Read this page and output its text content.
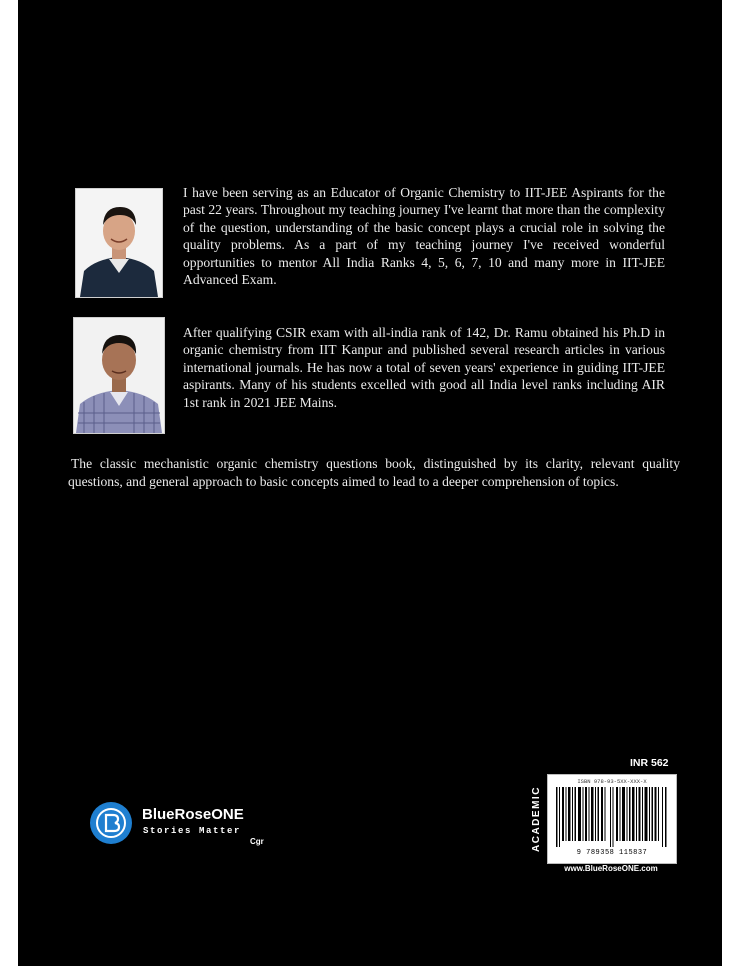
I have been serving as an Educator of Organic Chemistry to IIT-JEE Aspirants for the past 22 years. Throughout my teaching journey I've learnt that more than the complexity of the question, understanding of the basic concept plays a crucial role in solving the quality problems. As a part of my teaching journey I've received wonderful opportunities to mentor All India Ranks 4, 5, 6, 7, 10 and many more in IIT-JEE Advanced Exam.

After qualifying CSIR exam with all-india rank of 142, Dr. Ramu obtained his Ph.D in organic chemistry from IIT Kanpur and published several research articles in various international journals. He has now a total of seven years' experience in guiding IIT-JEE aspirants. Many of his students excelled with good all India level ranks including AIR 1st rank in 2021 JEE Mains.

The classic mechanistic organic chemistry questions book, distinguished by its clarity, relevant quality questions, and general approach to basic concepts aimed to lead to a deeper comprehension of topics.

BlueRoseONE
Stories Matter
Cgr
INR 562
ACADEMIC
ISBN 978-93-5XX-XXX-X
9 789358 115837
www.BlueRoseONE.com
